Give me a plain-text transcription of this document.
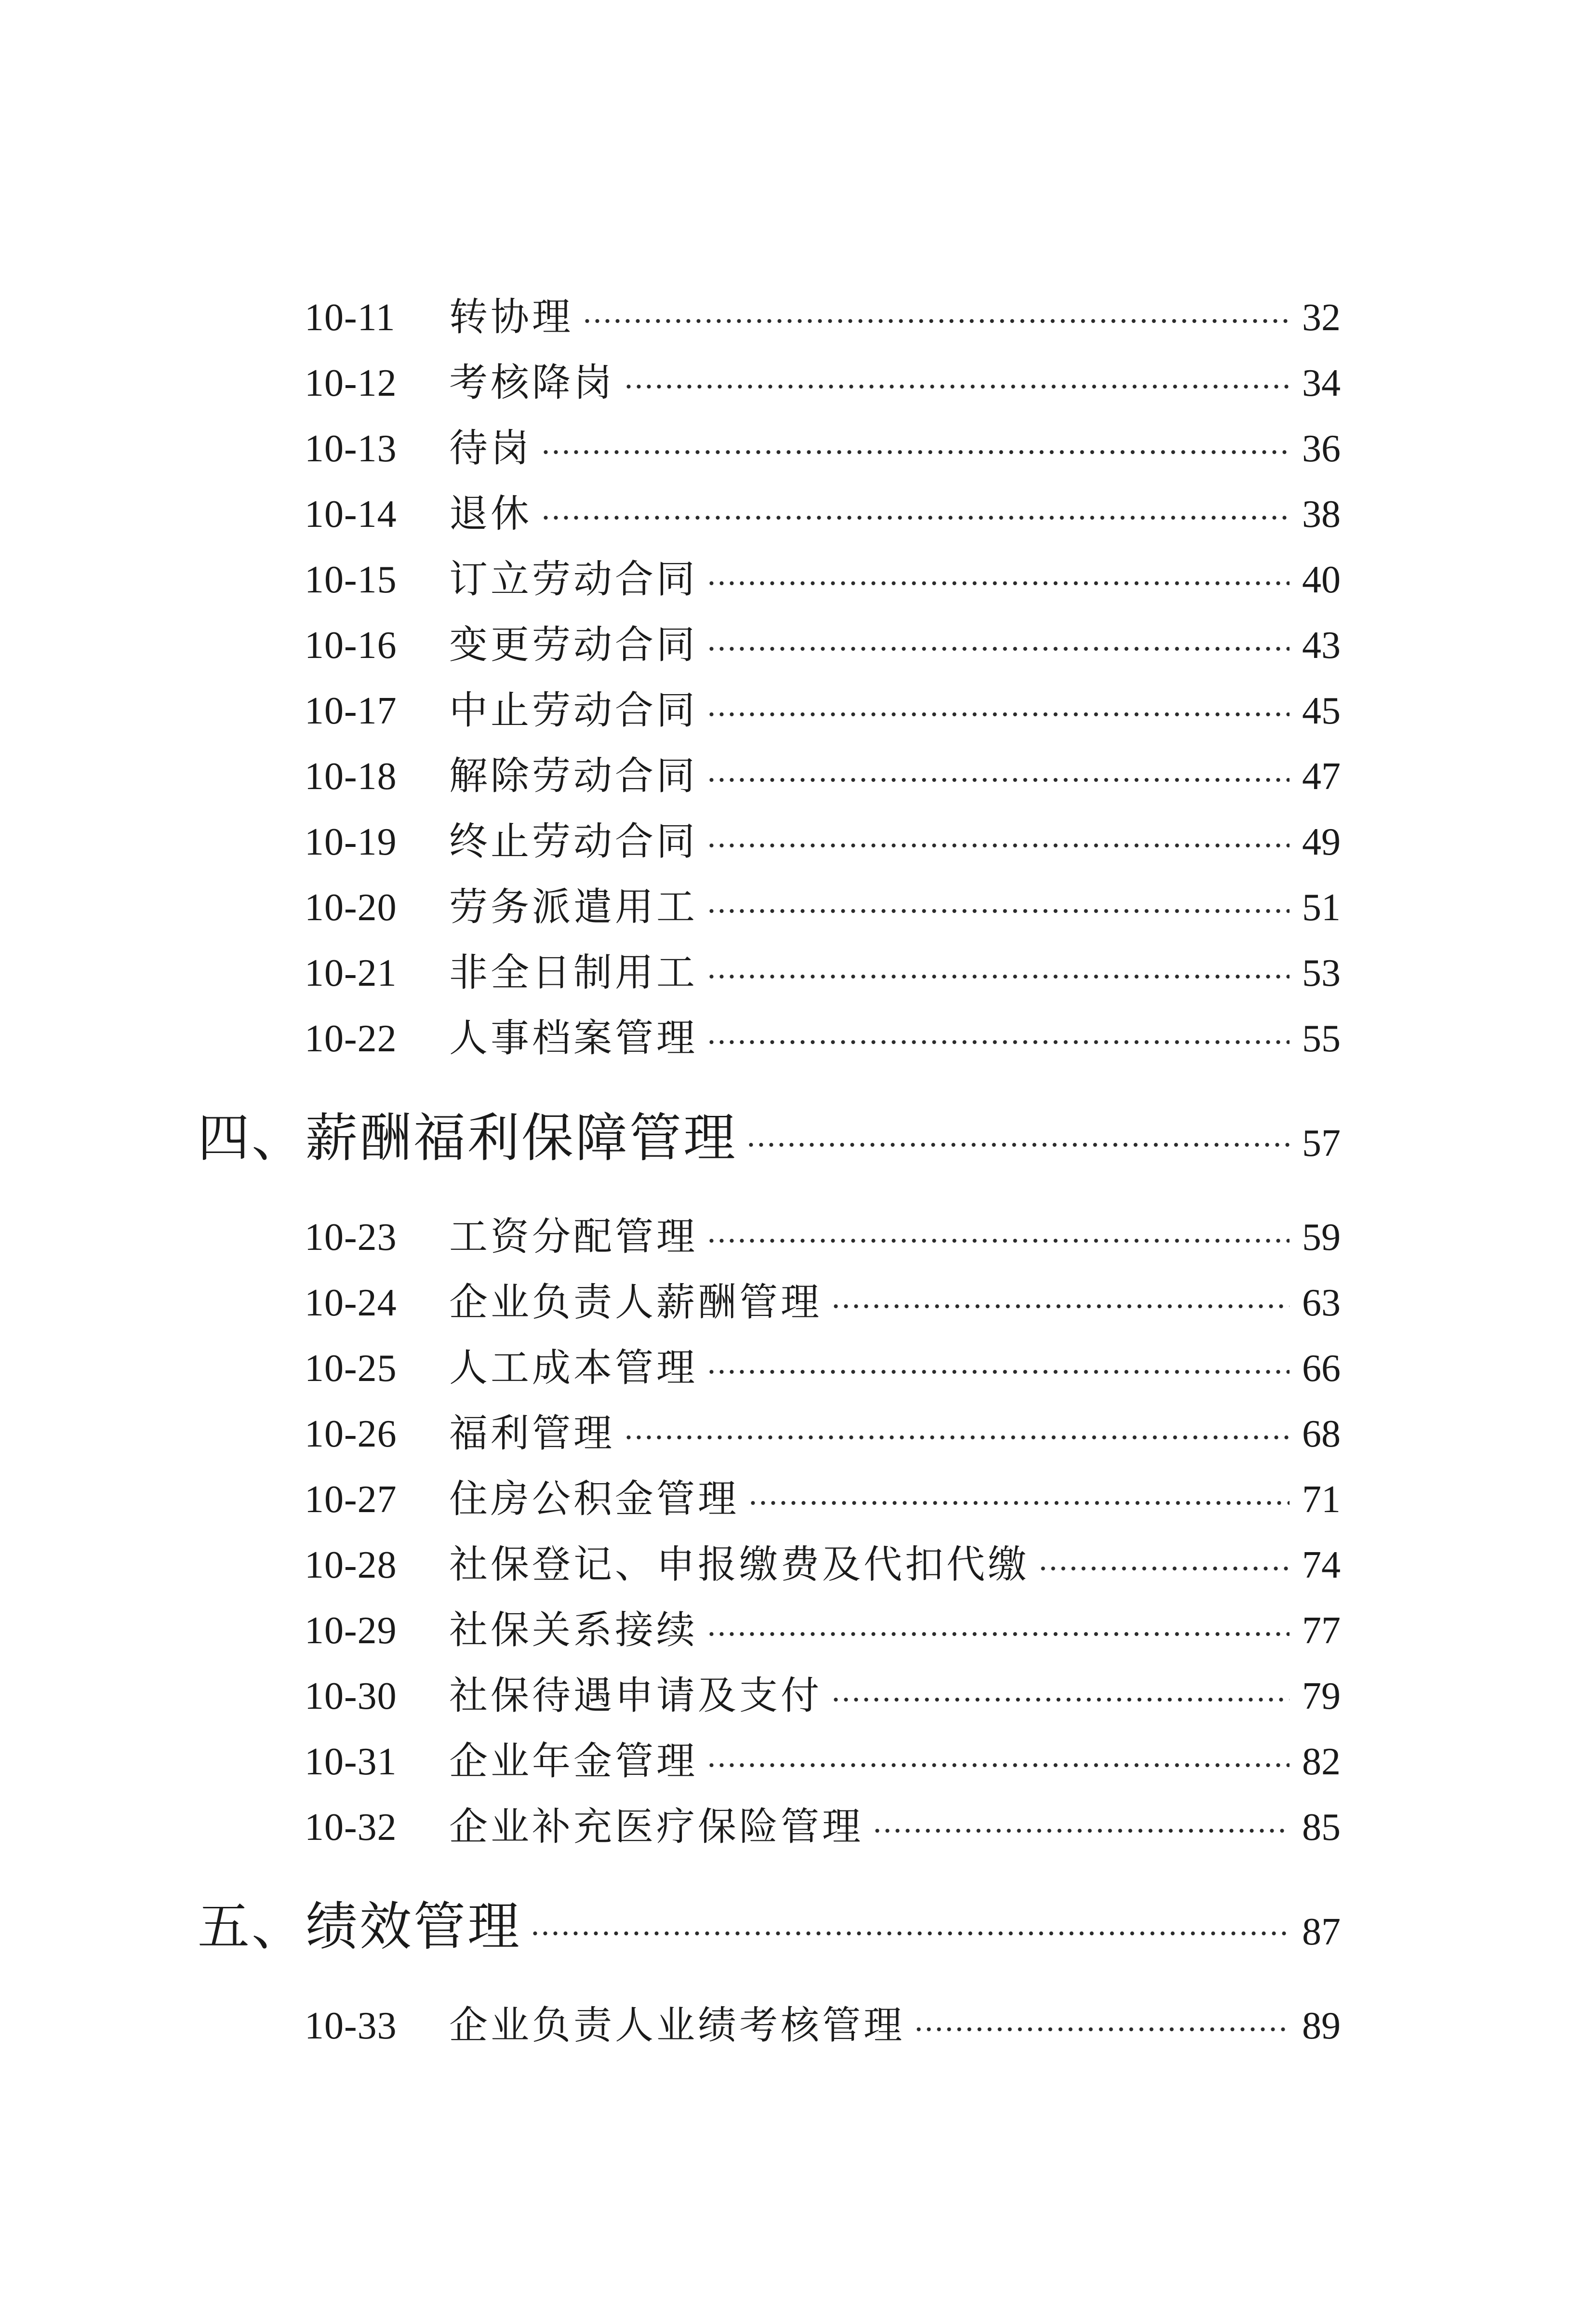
10-11	转协理	32
10-12	考核降岗	34
10-13	待岗	36
10-14	退休	38
10-15	订立劳动合同	40
10-16	变更劳动合同	43
10-17	中止劳动合同	45
10-18	解除劳动合同	47
10-19	终止劳动合同	49
10-20	劳务派遣用工	51
10-21	非全日制用工	53
10-22	人事档案管理	55
四、薪酬福利保障管理	57
10-23	工资分配管理	59
10-24	企业负责人薪酬管理	63
10-25	人工成本管理	66
10-26	福利管理	68
10-27	住房公积金管理	71
10-28	社保登记、申报缴费及代扣代缴	74
10-29	社保关系接续	77
10-30	社保待遇申请及支付	79
10-31	企业年金管理	82
10-32	企业补充医疗保险管理	85
五、绩效管理	87
10-33	企业负责人业绩考核管理	89
